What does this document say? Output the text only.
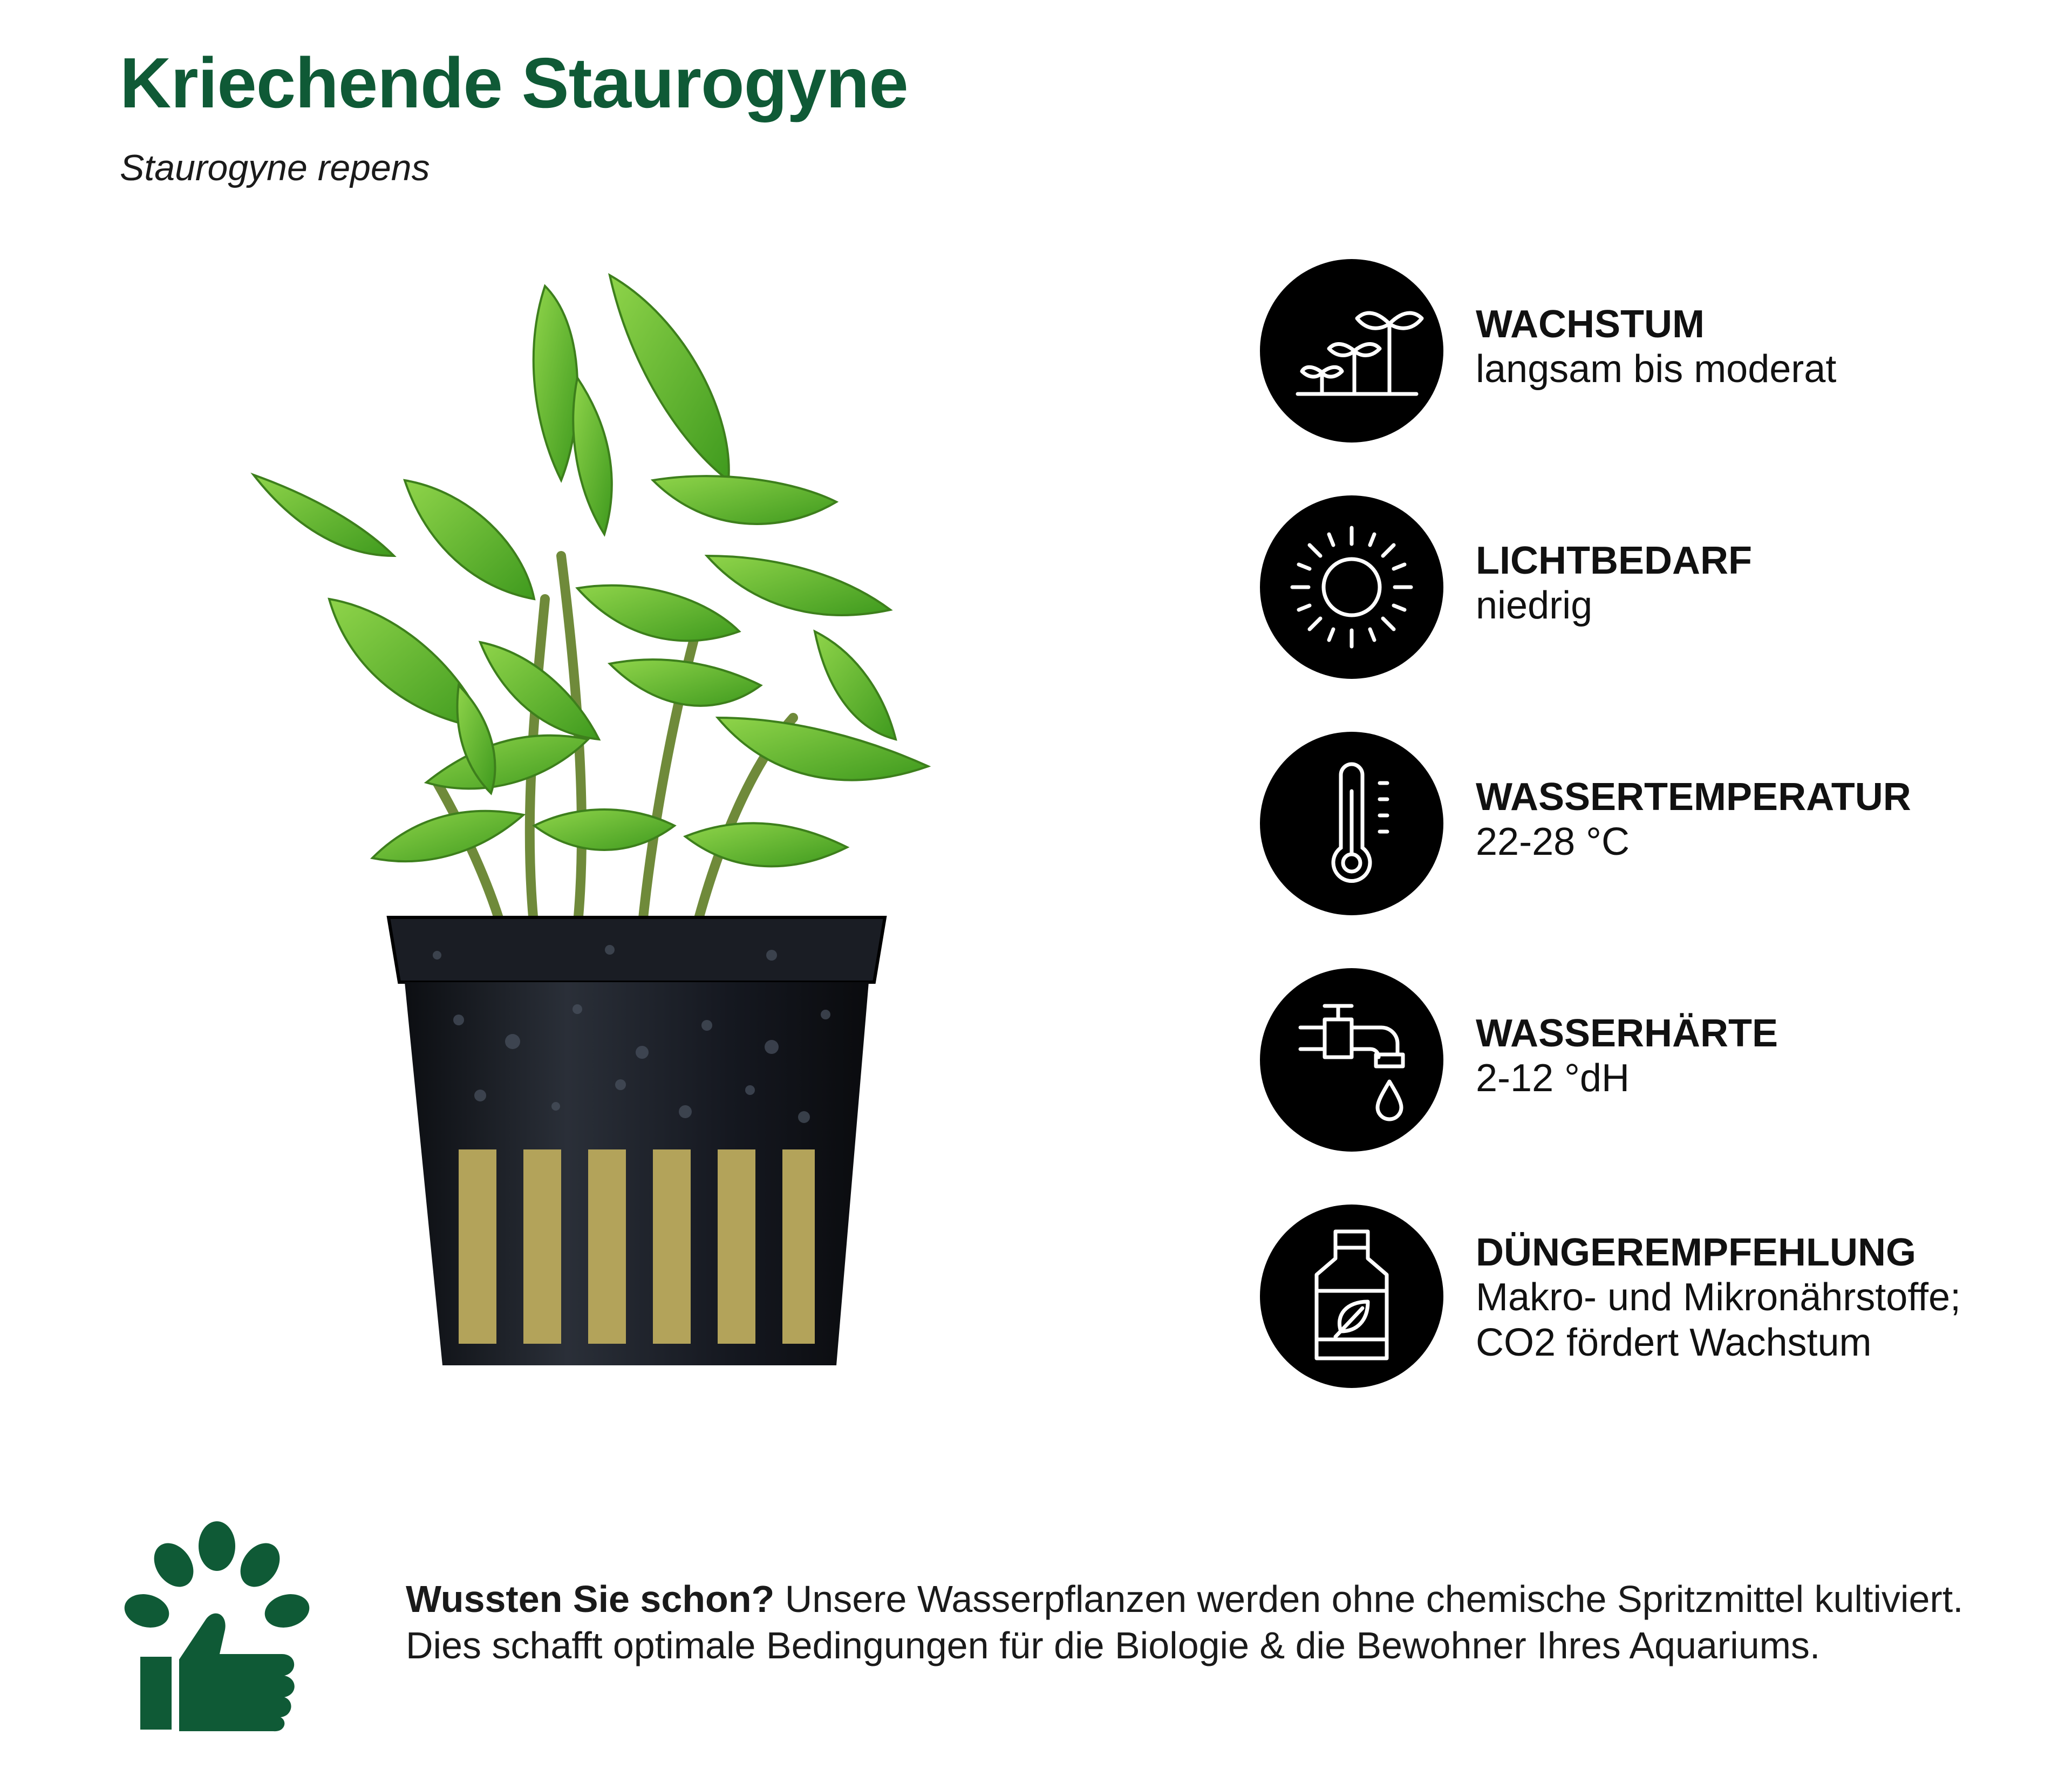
Kriechende Staurogyne
Staurogyne repens
WACHSTUM
langsam bis moderat
LICHTBEDARF
niedrig
WASSERTEMPERATUR
22-28 °C
WASSERHÄRTE
2-12 °dH
DÜNGEREMPFEHLUNG
Makro- und Mikronährstoffe;
CO2 fördert Wachstum
Wussten Sie schon? Unsere Wasserpflanzen werden ohne chemische Spritzmittel kultiviert.
Dies schafft optimale Bedingungen für die Biologie & die Bewohner Ihres Aquariums.
